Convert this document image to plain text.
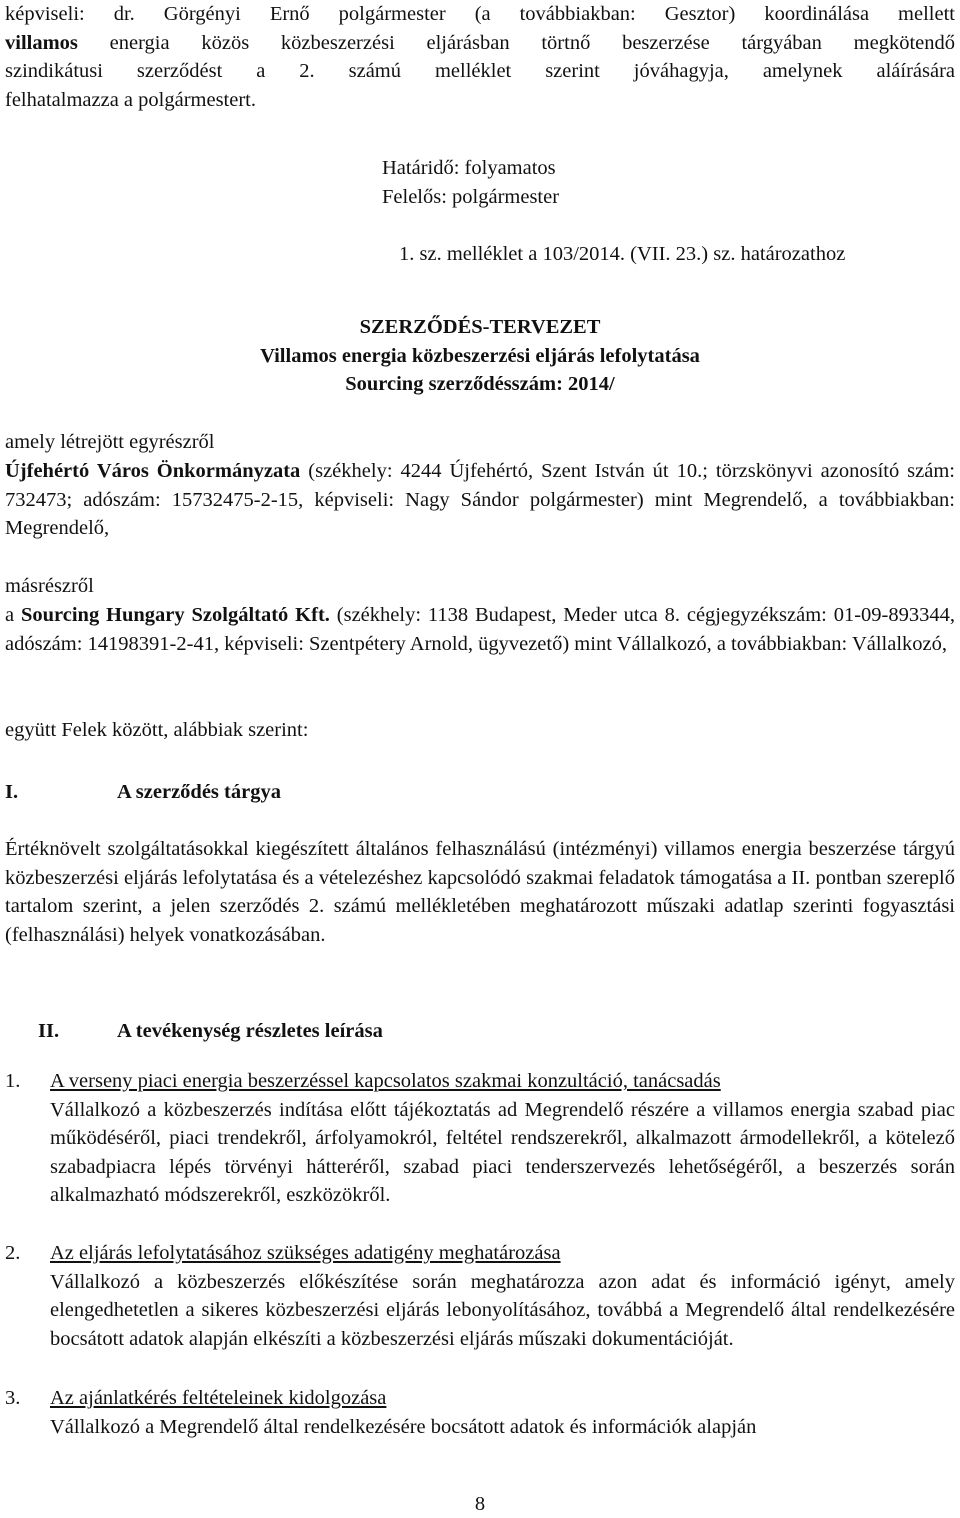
képviseli: dr. Görgényi Ernő polgármester (a továbbiakban: Gesztor) koordinálása mellett

villamos energia közös közbeszerzési eljárásban törtnő beszerzése tárgyában megkötendő

szindikátusi szerződést a 2. számú melléklet szerint jóváhagyja, amelynek aláírására

felhatalmazza a polgármestert.

Határidő: folyamatos

Felelős: polgármester

1. sz. melléklet a 103/2014. (VII. 23.) sz. határozathoz

SZERZŐDÉS-TERVEZET

Villamos energia közbeszerzési eljárás lefolytatása

Sourcing szerződésszám: 2014/

amely létrejött egyrészről

Újfehértó Város Önkormányzata (székhely: 4244 Újfehértó, Szent István út 10.; törzskönyvi azonosító szám: 732473; adószám: 15732475-2-15, képviseli: Nagy Sándor polgármester) mint Megrendelő, a továbbiakban: Megrendelő,

másrészről

a Sourcing Hungary Szolgáltató Kft. (székhely: 1138 Budapest, Meder utca 8. cégjegyzékszám: 01-09-893344, adószám: 14198391-2-41, képviseli: Szentpétery Arnold, ügyvezető) mint Vállalkozó, a továbbiakban: Vállalkozó,

együtt Felek között, alábbiak szerint:

I.	A szerződés tárgya

Értéknövelt szolgáltatásokkal kiegészített általános felhasználású (intézményi) villamos energia beszerzése tárgyú közbeszerzési eljárás lefolytatása és a vételezéshez kapcsolódó szakmai feladatok támogatása a II. pontban szereplő tartalom szerint, a jelen szerződés 2. számú mellékletében meghatározott műszaki adatlap szerinti fogyasztási (felhasználási) helyek vonatkozásában.

II.	A tevékenység részletes leírása
1. A verseny piaci energia beszerzéssel kapcsolatos szakmai konzultáció, tanácsadás

Vállalkozó a közbeszerzés indítása előtt tájékoztatás ad Megrendelő részére a villamos energia szabad piac működéséről, piaci trendekről, árfolyamokról, feltétel rendszerekről, alkalmazott ármodellekről, a kötelező szabadpiacra lépés törvényi hátteréről, szabad piaci tenderszervezés lehetőségéről, a beszerzés során alkalmazható módszerekről, eszközökről.

2. Az eljárás lefolytatásához szükséges adatigény meghatározása

Vállalkozó a közbeszerzés előkészítése során meghatározza azon adat és információ igényt, amely elengedhetetlen a sikeres közbeszerzési eljárás lebonyolításához, továbbá a Megrendelő által rendelkezésére bocsátott adatok alapján elkészíti a közbeszerzési eljárás műszaki dokumentációját.

3. Az ajánlatkérés feltételeinek kidolgozása

Vállalkozó a Megrendelő által rendelkezésére bocsátott adatok és információk alapján

8
